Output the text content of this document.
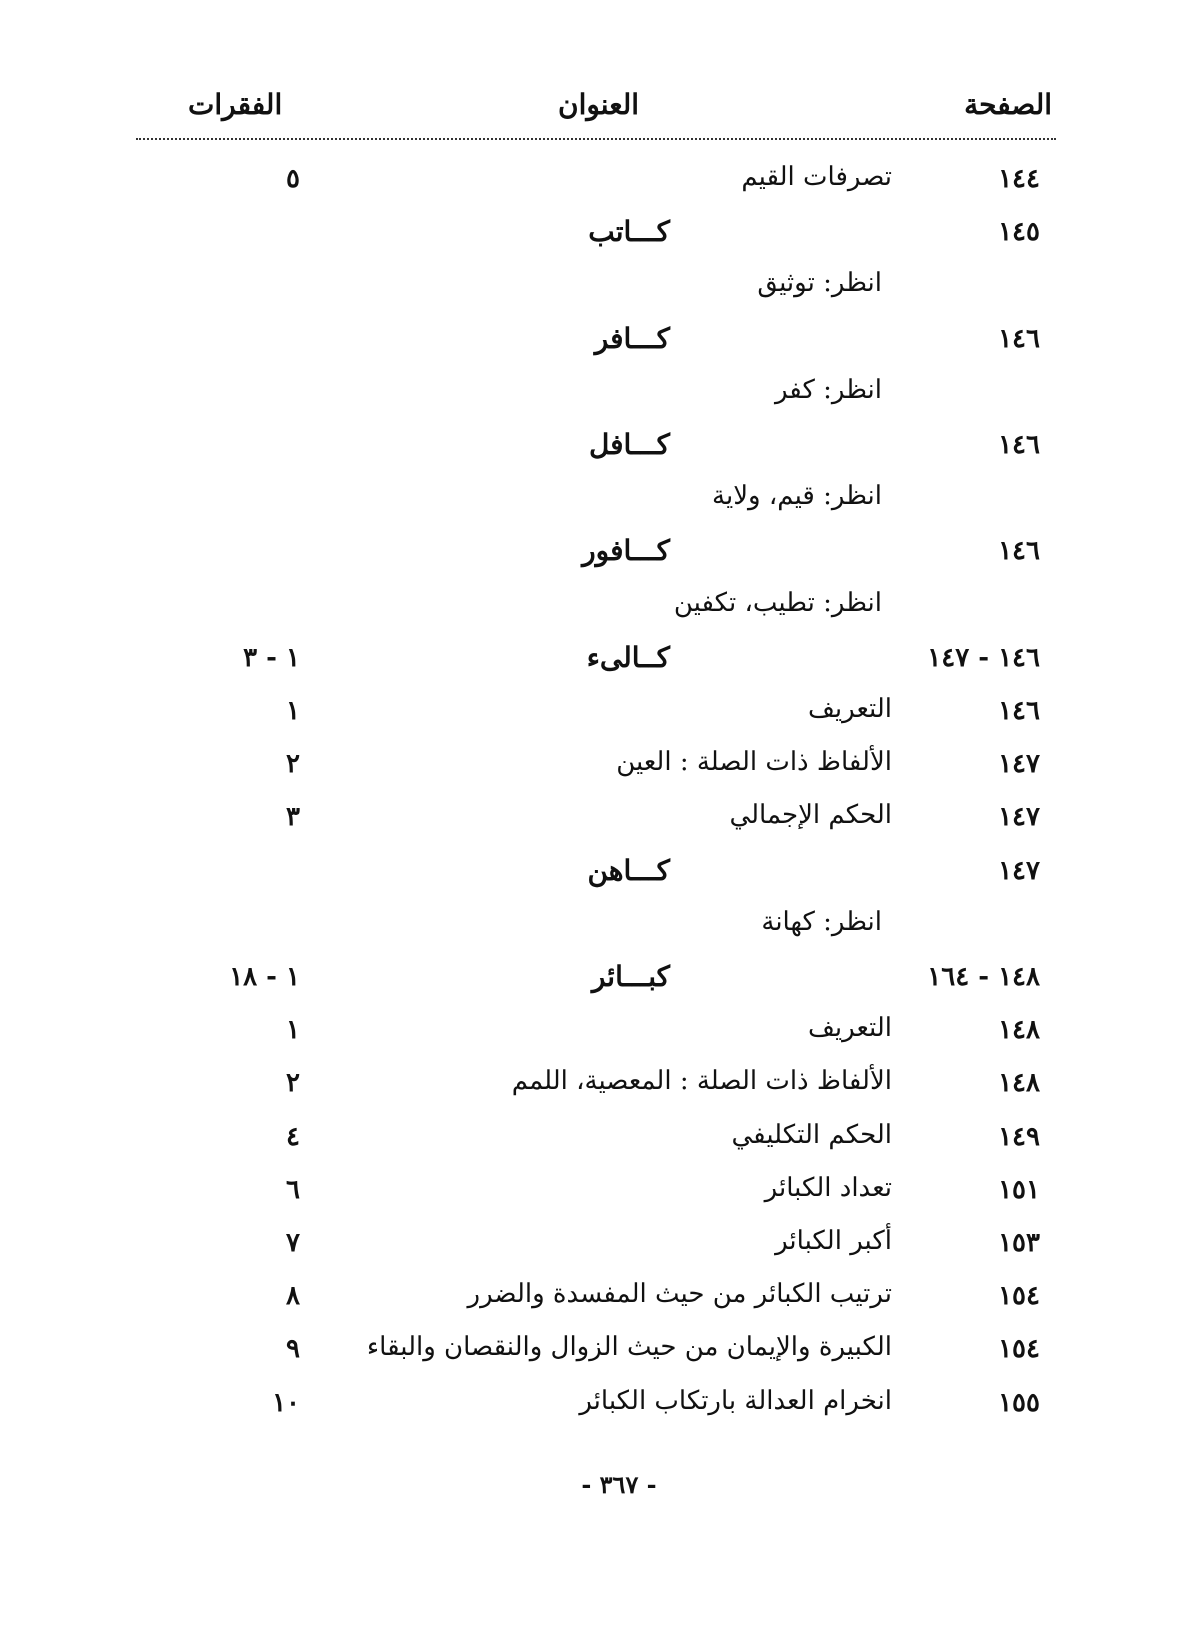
الصفحة
العنوان
الفقرات
١٤٤
تصرفات القيم
٥
١٤٥
كـــاتب
انظر: توثيق
١٤٦
كـــافر
انظر: كفر
١٤٦
كـــافل
انظر: قيم، ولاية
١٤٦
كـــافور
انظر: تطيب، تكفين
١٤٦ - ١٤٧
كــالىء
١ - ٣
١٤٦
التعريف
١
١٤٧
الألفاظ ذات الصلة : العين
٢
١٤٧
الحكم الإجمالي
٣
١٤٧
كـــاهن
انظر: كهانة
١٤٨ - ١٦٤
كبـــائر
١ - ١٨
١٤٨
التعريف
١
١٤٨
الألفاظ ذات الصلة : المعصية، اللمم
٢
١٤٩
الحكم التكليفي
٤
١٥١
تعداد الكبائر
٦
١٥٣
أكبر الكبائر
٧
١٥٤
ترتيب الكبائر من حيث المفسدة والضرر
٨
١٥٤
الكبيرة والإيمان من حيث الزوال والنقصان والبقاء
٩
١٥٥
انخرام العدالة بارتكاب الكبائر
١٠
- ٣٦٧ -
